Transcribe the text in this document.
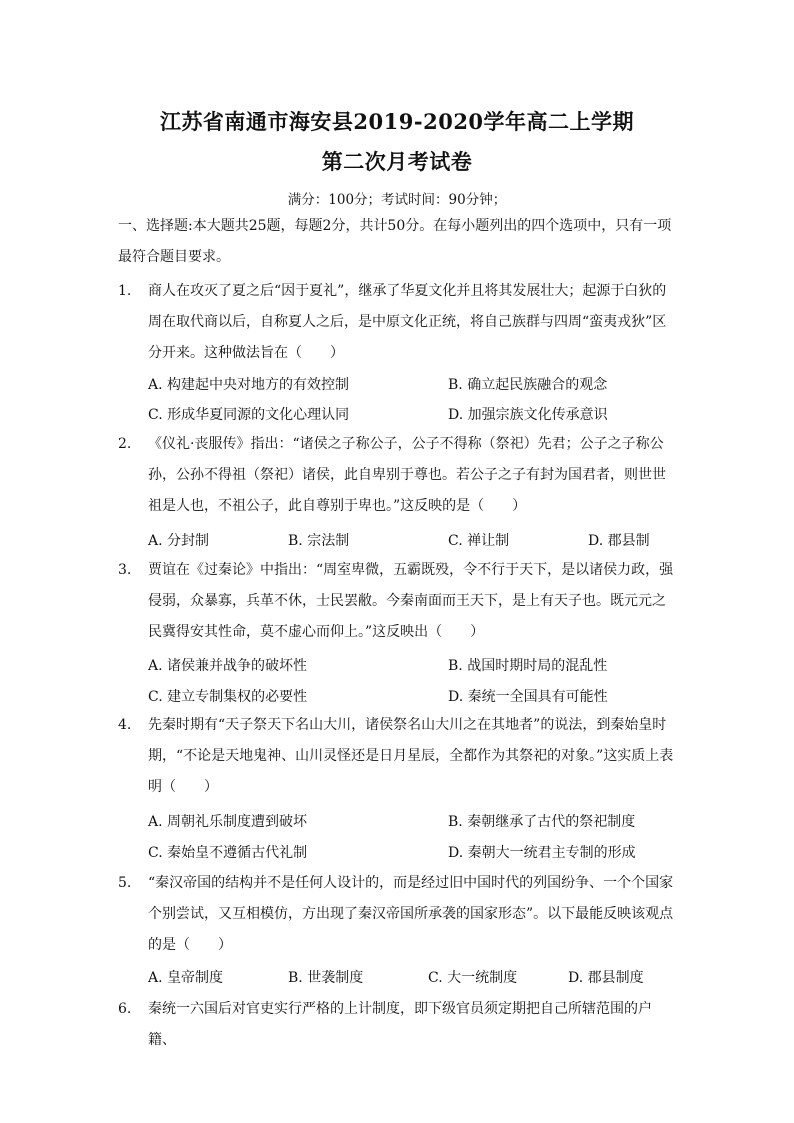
江苏省南通市海安县2019-2020学年高二上学期
第二次月考试卷
满分：100分；考试时间：90分钟；
一、选择题:本大题共25题，每题2分，共计50分。在每小题列出的四个选项中，只有一项最符合题目要求。
1. 商人在攻灭了夏之后“因于夏礼”，继承了华夏文化并且将其发展壮大；起源于白狄的周在取代商以后，自称夏人之后，是中原文化正统，将自己族群与四周“蛮夷戎狄”区分开来。这种做法旨在（　　）
A. 构建起中央对地方的有效控制	B. 确立起民族融合的观念
C. 形成华夏同源的文化心理认同	D. 加强宗族文化传承意识
2. 《仪礼·丧服传》指出：“诸侯之子称公子，公子不得称（祭祀）先君；公子之子称公孙，公孙不得祖（祭祀）诸侯，此自卑别于尊也。若公子之子有封为国君者，则世世祖是人也，不祖公子，此自尊别于卑也。”这反映的是（　　）
A. 分封制	B. 宗法制	C. 禅让制	D. 郡县制
3. 贾谊在《过秦论》中指出：“周室卑微，五霸既殁，令不行于天下，是以诸侯力政，强侵弱，众暴寡，兵革不休，士民罢敝。今秦南面而王天下，是上有天子也。既元元之民冀得安其性命，莫不虚心而仰上。”这反映出（　　）
A. 诸侯兼并战争的破坏性	B. 战国时期时局的混乱性
C. 建立专制集权的必要性	D. 秦统一全国具有可能性
4. 先秦时期有“天子祭天下名山大川，诸侯祭名山大川之在其地者”的说法，到秦始皇时期，“不论是天地鬼神、山川灵怪还是日月星辰，全都作为其祭祀的对象。”这实质上表明（　　）
A. 周朝礼乐制度遭到破坏	B. 秦朝继承了古代的祭祀制度
C. 秦始皇不遵循古代礼制	D. 秦朝大一统君主专制的形成
5. “秦汉帝国的结构并不是任何人设计的，而是经过旧中国时代的列国纷争、一个个国家个别尝试，又互相模仿，方出现了秦汉帝国所承袭的国家形态”。以下最能反映该观点的是（　　）
A. 皇帝制度	B. 世袭制度	C. 大一统制度	D. 郡县制度
6. 秦统一六国后对官吏实行严格的上计制度，即下级官员须定期把自己所辖范围的户籍、
